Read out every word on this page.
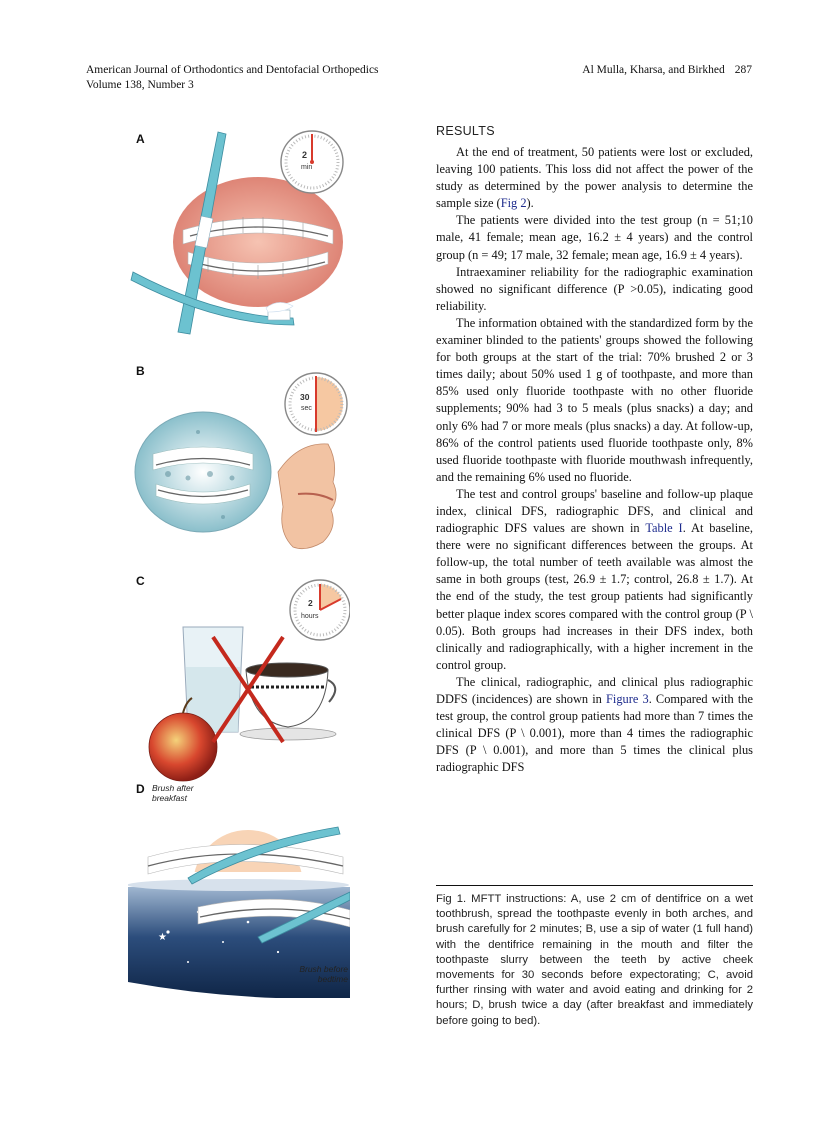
American Journal of Orthodontics and Dentofacial Orthopedics
Volume 138, Number 3
Al Mulla, Kharsa, and Birkhed 287
2
min
30
sec
2
hours
★
A
B
C
D Brush after breakfast
Brush before bedtime
RESULTS

At the end of treatment, 50 patients were lost or excluded, leaving 100 patients. This loss did not affect the power of the study as determined by the power analysis to determine the sample size (Fig 2).

The patients were divided into the test group (n = 51;10 male, 41 female; mean age, 16.2 ± 4 years) and the control group (n = 49; 17 male, 32 female; mean age, 16.9 ± 4 years).

Intraexaminer reliability for the radiographic examination showed no significant difference (P >0.05), indicating good reliability.

The information obtained with the standardized form by the examiner blinded to the patients' groups showed the following for both groups at the start of the trial: 70% brushed 2 or 3 times daily; about 50% used 1 g of toothpaste, and more than 85% used only fluoride toothpaste with no other fluoride supplements; 90% had 3 to 5 meals (plus snacks) a day; and only 6% had 7 or more meals (plus snacks) a day. At follow-up, 86% of the control patients used fluoride toothpaste only, 8% used fluoride toothpaste with fluoride mouthwash infrequently, and the remaining 6% used no fluoride.

The test and control groups' baseline and follow-up plaque index, clinical DFS, radiographic DFS, and clinical and radiographic DFS values are shown in Table I. At baseline, there were no significant differences between the groups. At follow-up, the total number of teeth available was almost the same in both groups (test, 26.9 ± 1.7; control, 26.8 ± 1.7). At the end of the study, the test group patients had significantly better plaque index scores compared with the control group (P \ 0.05). Both groups had increases in their DFS index, both clinically and radiographically, with a higher increment in the control group.

The clinical, radiographic, and clinical plus radiographic DDFS (incidences) are shown in Figure 3. Compared with the test group, the control group patients had more than 7 times the clinical DFS (P \ 0.001), more than 4 times the radiographic DFS (P \ 0.001), and more than 5 times the clinical plus radiographic DFS

Fig 1. MFTT instructions: A, use 2 cm of dentifrice on a wet toothbrush, spread the toothpaste evenly in both arches, and brush carefully for 2 minutes; B, use a sip of water (1 full hand) with the dentifrice remaining in the mouth and filter the toothpaste slurry between the teeth by active cheek movements for 30 seconds before expectorating; C, avoid further rinsing with water and avoid eating and drinking for 2 hours; D, brush twice a day (after breakfast and immediately before going to bed).
